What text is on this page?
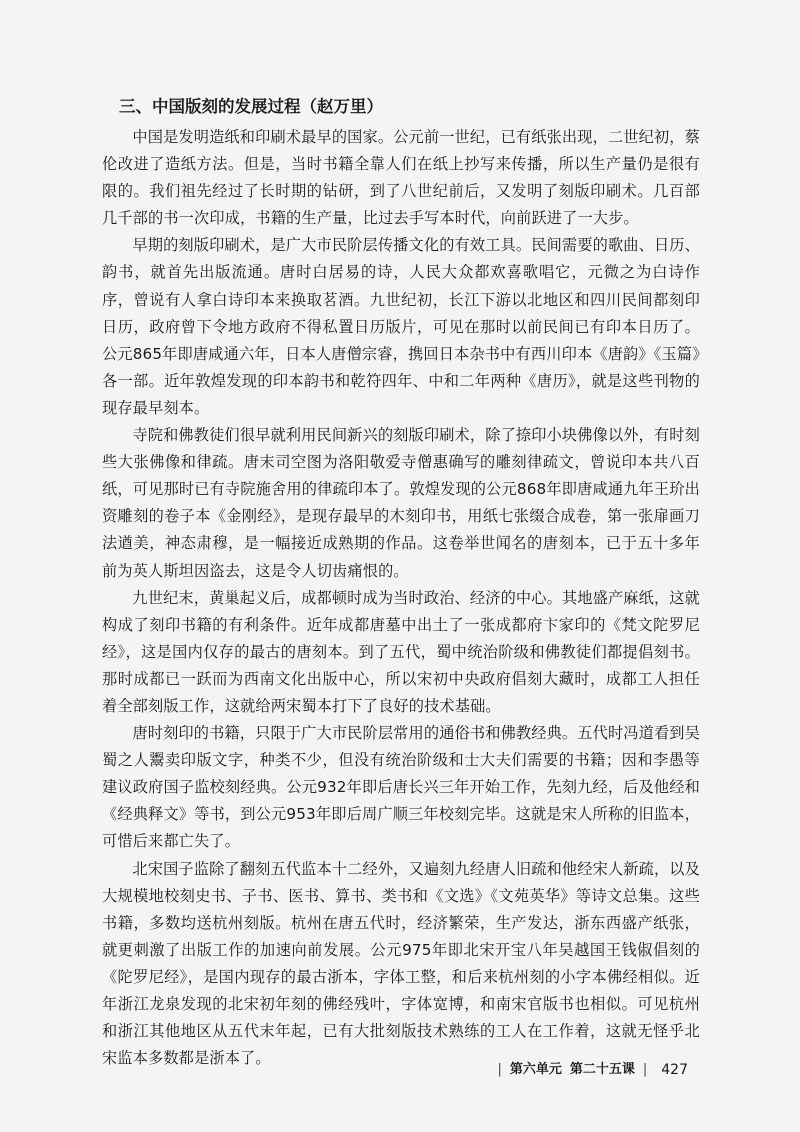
三、中国版刻的发展过程（赵万里）

中国是发明造纸和印刷术最早的国家。公元前一世纪，已有纸张出现，二世纪初，蔡伦改进了造纸方法。但是，当时书籍全靠人们在纸上抄写来传播，所以生产量仍是很有限的。我们祖先经过了长时期的钻研，到了八世纪前后，又发明了刻版印刷术。几百部几千部的书一次印成，书籍的生产量，比过去手写本时代，向前跃进了一大步。

早期的刻版印刷术，是广大市民阶层传播文化的有效工具。民间需要的歌曲、日历、韵书，就首先出版流通。唐时白居易的诗，人民大众都欢喜歌唱它，元微之为白诗作序，曾说有人拿白诗印本来换取茗酒。九世纪初，长江下游以北地区和四川民间都刻印日历，政府曾下令地方政府不得私置日历版片，可见在那时以前民间已有印本日历了。公元865年即唐咸通六年，日本人唐僧宗睿，携回日本杂书中有西川印本《唐韵》《玉篇》各一部。近年敦煌发现的印本韵书和乾符四年、中和二年两种《唐历》，就是这些刊物的现存最早刻本。

寺院和佛教徒们很早就利用民间新兴的刻版印刷术，除了捺印小块佛像以外，有时刻些大张佛像和律疏。唐末司空图为洛阳敬爱寺僧惠确写的雕刻律疏文，曾说印本共八百纸，可见那时已有寺院施舍用的律疏印本了。敦煌发现的公元868年即唐咸通九年王玠出资雕刻的卷子本《金刚经》，是现存最早的木刻印书，用纸七张缀合成卷，第一张扉画刀法遒美，神态肃穆，是一幅接近成熟期的作品。这卷举世闻名的唐刻本，已于五十多年前为英人斯坦因盗去，这是令人切齿痛恨的。

九世纪末，黄巢起义后，成都顿时成为当时政治、经济的中心。其地盛产麻纸，这就构成了刻印书籍的有利条件。近年成都唐墓中出土了一张成都府卞家印的《梵文陀罗尼经》，这是国内仅存的最古的唐刻本。到了五代，蜀中统治阶级和佛教徒们都提倡刻书。那时成都已一跃而为西南文化出版中心，所以宋初中央政府倡刻大藏时，成都工人担任着全部刻版工作，这就给两宋蜀本打下了良好的技术基础。

唐时刻印的书籍，只限于广大市民阶层常用的通俗书和佛教经典。五代时冯道看到吴蜀之人鬻卖印版文字，种类不少，但没有统治阶级和士大夫们需要的书籍；因和李愚等建议政府国子监校刻经典。公元932年即后唐长兴三年开始工作，先刻九经，后及他经和《经典释文》等书，到公元953年即后周广顺三年校刻完毕。这就是宋人所称的旧监本，可惜后来都亡失了。

北宋国子监除了翻刻五代监本十二经外，又遍刻九经唐人旧疏和他经宋人新疏，以及大规模地校刻史书、子书、医书、算书、类书和《文选》《文苑英华》等诗文总集。这些书籍，多数均送杭州刻版。杭州在唐五代时，经济繁荣，生产发达，浙东西盛产纸张，就更刺激了出版工作的加速向前发展。公元975年即北宋开宝八年吴越国王钱俶倡刻的《陀罗尼经》，是国内现存的最古浙本，字体工整，和后来杭州刻的小字本佛经相似。近年浙江龙泉发现的北宋初年刻的佛经残叶，字体宽博，和南宋官版书也相似。可见杭州和浙江其他地区从五代末年起，已有大批刻版技术熟练的工人在工作着，这就无怪乎北宋监本多数都是浙本了。

| 第六单元 第二十五课 | 427
